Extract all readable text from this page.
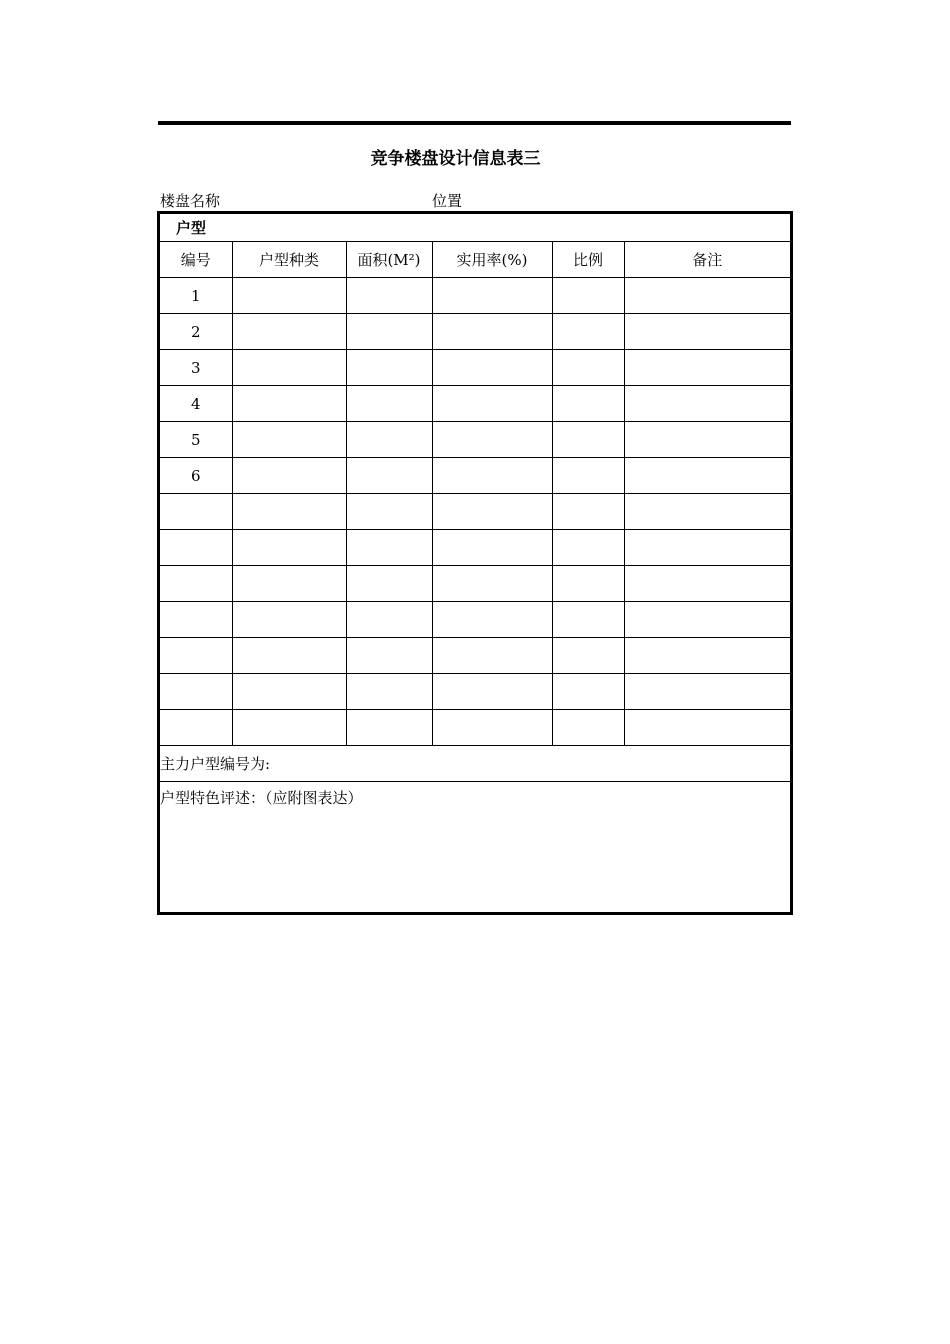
竞争楼盘设计信息表三
楼盘名称	位置
户型					
编号	户型种类	面积(M²)	实用率(%)	比例	备注
1					
2					
3					
4					
5					
6					

主力户型编号为:					
户型特色评述：（应附图表达）					
